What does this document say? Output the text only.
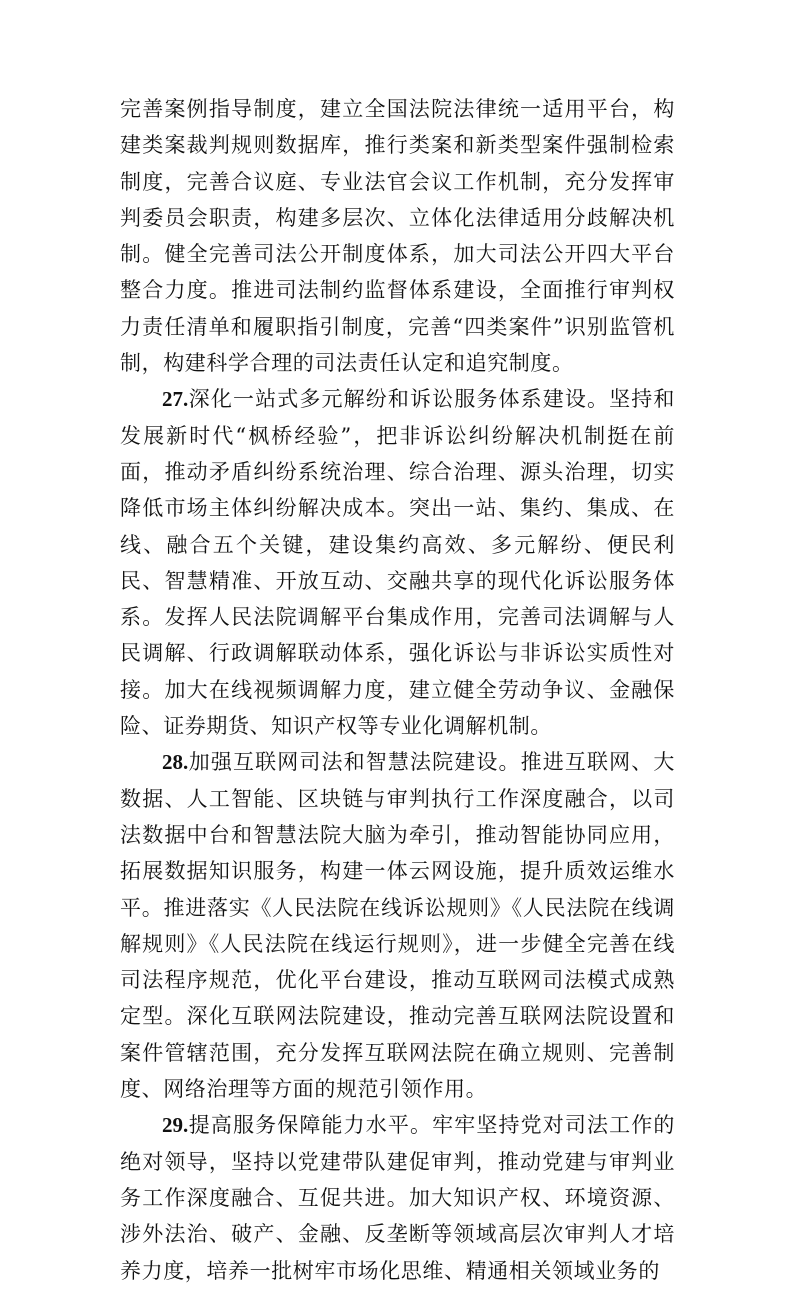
完善案例指导制度，建立全国法院法律统一适用平台，构建类案裁判规则数据库，推行类案和新类型案件强制检索制度，完善合议庭、专业法官会议工作机制，充分发挥审判委员会职责，构建多层次、立体化法律适用分歧解决机制。健全完善司法公开制度体系，加大司法公开四大平台整合力度。推进司法制约监督体系建设，全面推行审判权力责任清单和履职指引制度，完善“四类案件”识别监管机制，构建科学合理的司法责任认定和追究制度。

27.深化一站式多元解纷和诉讼服务体系建设。坚持和发展新时代“枫桥经验”，把非诉讼纠纷解决机制挺在前面，推动矛盾纠纷系统治理、综合治理、源头治理，切实降低市场主体纠纷解决成本。突出一站、集约、集成、在线、融合五个关键，建设集约高效、多元解纷、便民利民、智慧精准、开放互动、交融共享的现代化诉讼服务体系。发挥人民法院调解平台集成作用，完善司法调解与人民调解、行政调解联动体系，强化诉讼与非诉讼实质性对接。加大在线视频调解力度，建立健全劳动争议、金融保险、证券期货、知识产权等专业化调解机制。

28.加强互联网司法和智慧法院建设。推进互联网、大数据、人工智能、区块链与审判执行工作深度融合，以司法数据中台和智慧法院大脑为牵引，推动智能协同应用，拓展数据知识服务，构建一体云网设施，提升质效运维水平。推进落实《人民法院在线诉讼规则》《人民法院在线调解规则》《人民法院在线运行规则》，进一步健全完善在线司法程序规范，优化平台建设，推动互联网司法模式成熟定型。深化互联网法院建设，推动完善互联网法院设置和案件管辖范围，充分发挥互联网法院在确立规则、完善制度、网络治理等方面的规范引领作用。

29.提高服务保障能力水平。牢牢坚持党对司法工作的绝对领导，坚持以党建带队建促审判，推动党建与审判业务工作深度融合、互促共进。加大知识产权、环境资源、涉外法治、破产、金融、反垄断等领域高层次审判人才培养力度，培养一批树牢市场化思维、精通相关领域业务的
